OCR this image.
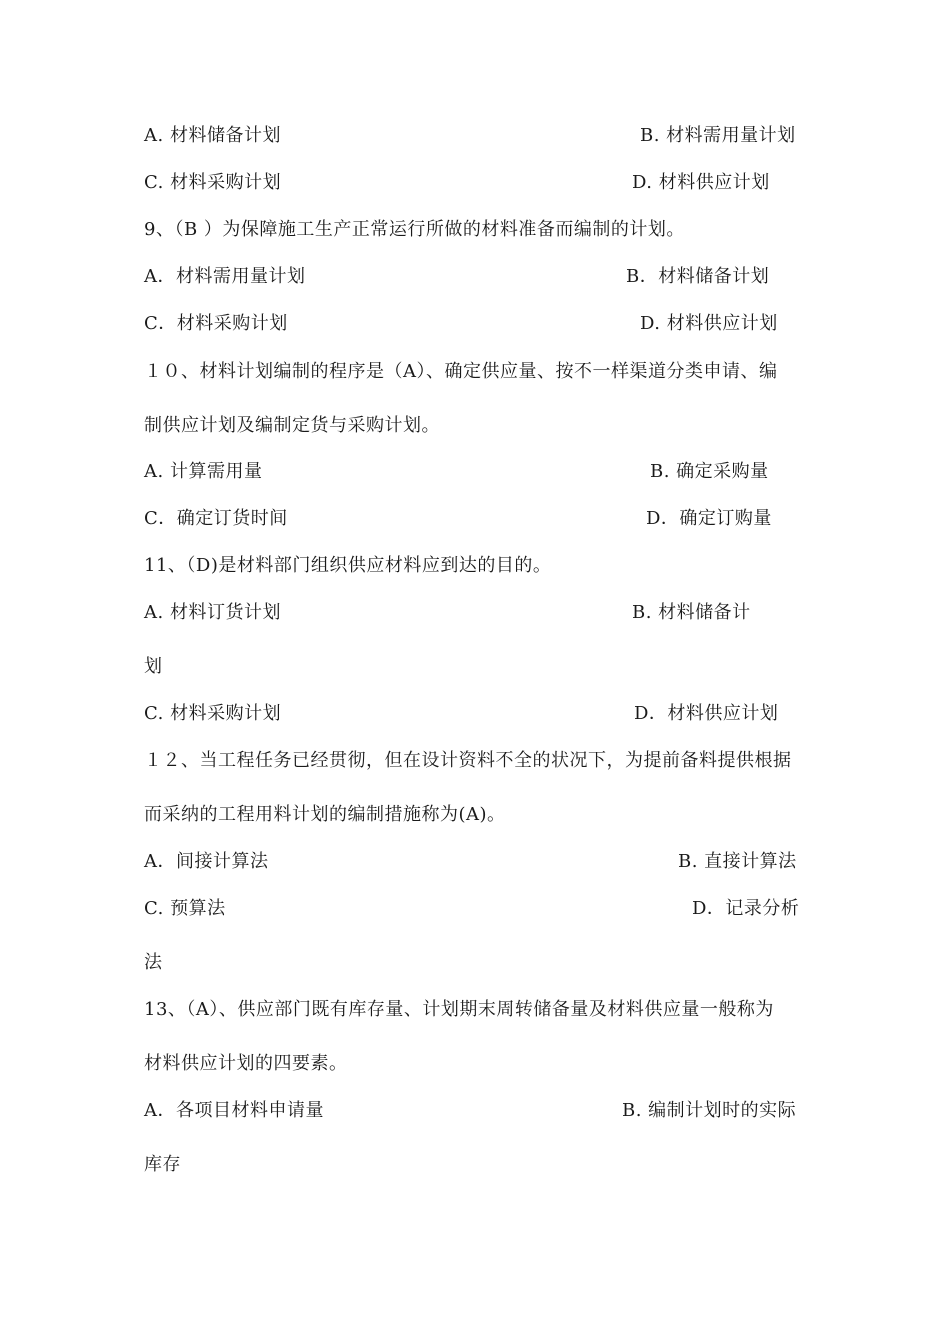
A. 材料储备计划	B. 材料需用量计划
C. 材料采购计划	D. 材料供应计划
9、（B ）为保障施工生产正常运行所做的材料准备而编制的计划。
A．材料需用量计划	B．材料储备计划
C．材料采购计划	D. 材料供应计划
１０、材料计划编制的程序是（A）、确定供应量、按不一样渠道分类申请、编
制供应计划及编制定货与采购计划。
A. 计算需用量	B. 确定采购量
C．确定订货时间	D．确定订购量
11、（D)是材料部门组织供应材料应到达的目的。
A. 材料订货计划	B. 材料储备计
划
C. 材料采购计划	D．材料供应计划
１２、当工程任务已经贯彻，但在设计资料不全的状况下，为提前备料提供根据
而采纳的工程用料计划的编制措施称为(A)。
A．间接计算法	B. 直接计算法
C. 预算法	D．记录分析
法
13、（A）、供应部门既有库存量、计划期末周转储备量及材料供应量一般称为
材料供应计划的四要素。
A．各项目材料申请量	B. 编制计划时的实际
库存
